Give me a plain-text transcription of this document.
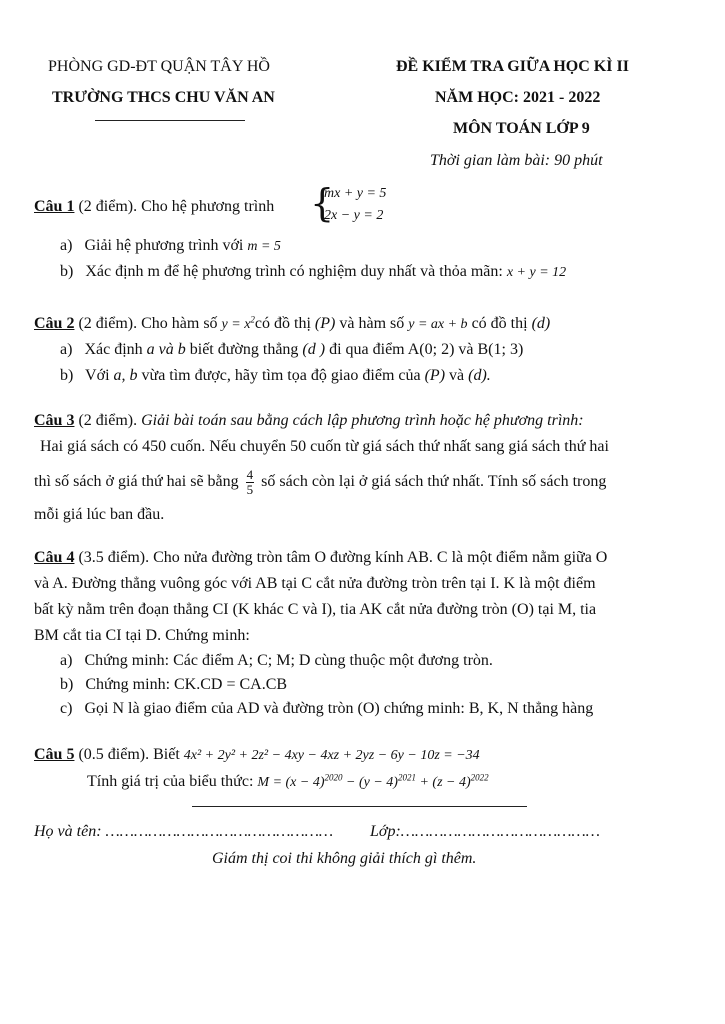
PHÒNG GD-ĐT QUẬN TÂY HỒ
TRƯỜNG THCS CHU VĂN AN
ĐỀ KIỂM TRA GIỮA HỌC KÌ II
NĂM HỌC: 2021 - 2022
MÔN TOÁN LỚP 9
Thời gian làm bài: 90 phút
Câu 1 (2 điểm). Cho hệ phương trình {
mx + y = 5
2x − y = 2
a) Giải hệ phương trình với m = 5
b) Xác định m để hệ phương trình có nghiệm duy nhất và thỏa mãn: x + y = 12
Câu 2 (2 điểm). Cho hàm số $y = x^2có$ đồ thị (P) và hàm số y = ax + b có đồ thị (d)
a) Xác định a và b biết đường thẳng (d ) đi qua điểm A(0; 2) và B(1; 3)
b) Với a, b vừa tìm được, hãy tìm tọa độ giao điểm của (P) và (d).
Câu 3 (2 điểm). Giải bài toán sau bằng cách lập phương trình hoặc hệ phương trình:
Hai giá sách có 450 cuốn. Nếu chuyển 50 cuốn từ giá sách thứ nhất sang giá sách thứ hai
thì số sách ở giá thứ hai sẽ bằng $\frac{4}{5}$ số sách còn lại ở giá sách thứ nhất. Tính số sách trong
mỗi giá lúc ban đầu.
Câu 4 (3.5 điểm). Cho nửa đường tròn tâm O đường kính AB. C là một điểm nằm giữa O
và A. Đường thẳng vuông góc với AB tại C cắt nửa đường tròn trên tại I. K là một điểm
bất kỳ nằm trên đoạn thẳng CI (K khác C và I), tia AK cắt nửa đường tròn (O) tại M, tia
BM cắt tia CI tại D. Chứng minh:
a) Chứng minh: Các điểm A; C; M; D cùng thuộc một đương tròn.
b) Chứng minh: CK.CD = CA.CB
c) Gọi N là giao điểm của AD và đường tròn (O) chứng minh: B, K, N thẳng hàng
Câu 5 (0.5 điểm). Biết 4x² + 2y² + 2z² − 4xy − 4xz + 2yz − 6y − 10z = −34
Tính giá trị của biểu thức: $M = (x - 4)^{2020} - (y - 4)^{2021} + (z - 4)^{2022}$
Họ và tên: ………………………………………… Lớp:……………………………………
Giám thị coi thi không giải thích gì thêm.
